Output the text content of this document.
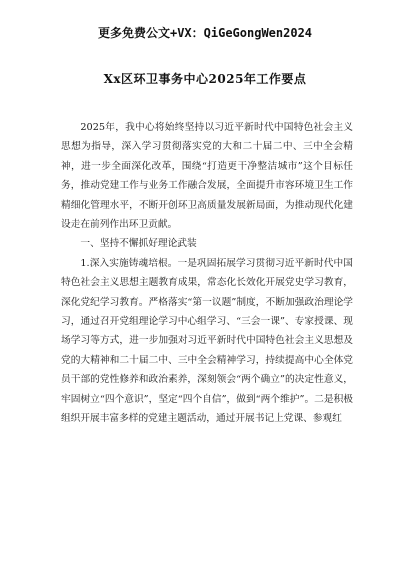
更多免费公文+VX：QiGeGongWen2024
Xx区环卫事务中心2025年工作要点

2025年，我中心将始终坚持以习近平新时代中国特色社会主义思想为指导，深入学习贯彻落实党的大和二十届二中、三中全会精神，进一步全面深化改革，围绕“打造更干净整洁城市”这个目标任务，推动党建工作与业务工作融合发展，全面提升市容环境卫生工作精细化管理水平，不断开创环卫高质量发展新局面，为推动现代化建设走在前列作出环卫贡献。

一、坚持不懈抓好理论武装

1.深入实施铸魂培根。一是巩固拓展学习贯彻习近平新时代中国特色社会主义思想主题教育成果，常态化长效化开展党史学习教育，深化党纪学习教育。严格落实“第一议题”制度，不断加强政治理论学习，通过召开党组理论学习中心组学习、“三会一课”、专家授课、现场学习等方式，进一步加强对习近平新时代中国特色社会主义思想及党的大精神和二十届二中、三中全会精神学习，持续提高中心全体党员干部的党性修养和政治素养，深刻领会“两个确立”的决定性意义，牢固树立“四个意识”，坚定“四个自信”，做到“两个维护”。二是积极组织开展丰富多样的党建主题活动，通过开展书记上党课、参观红
